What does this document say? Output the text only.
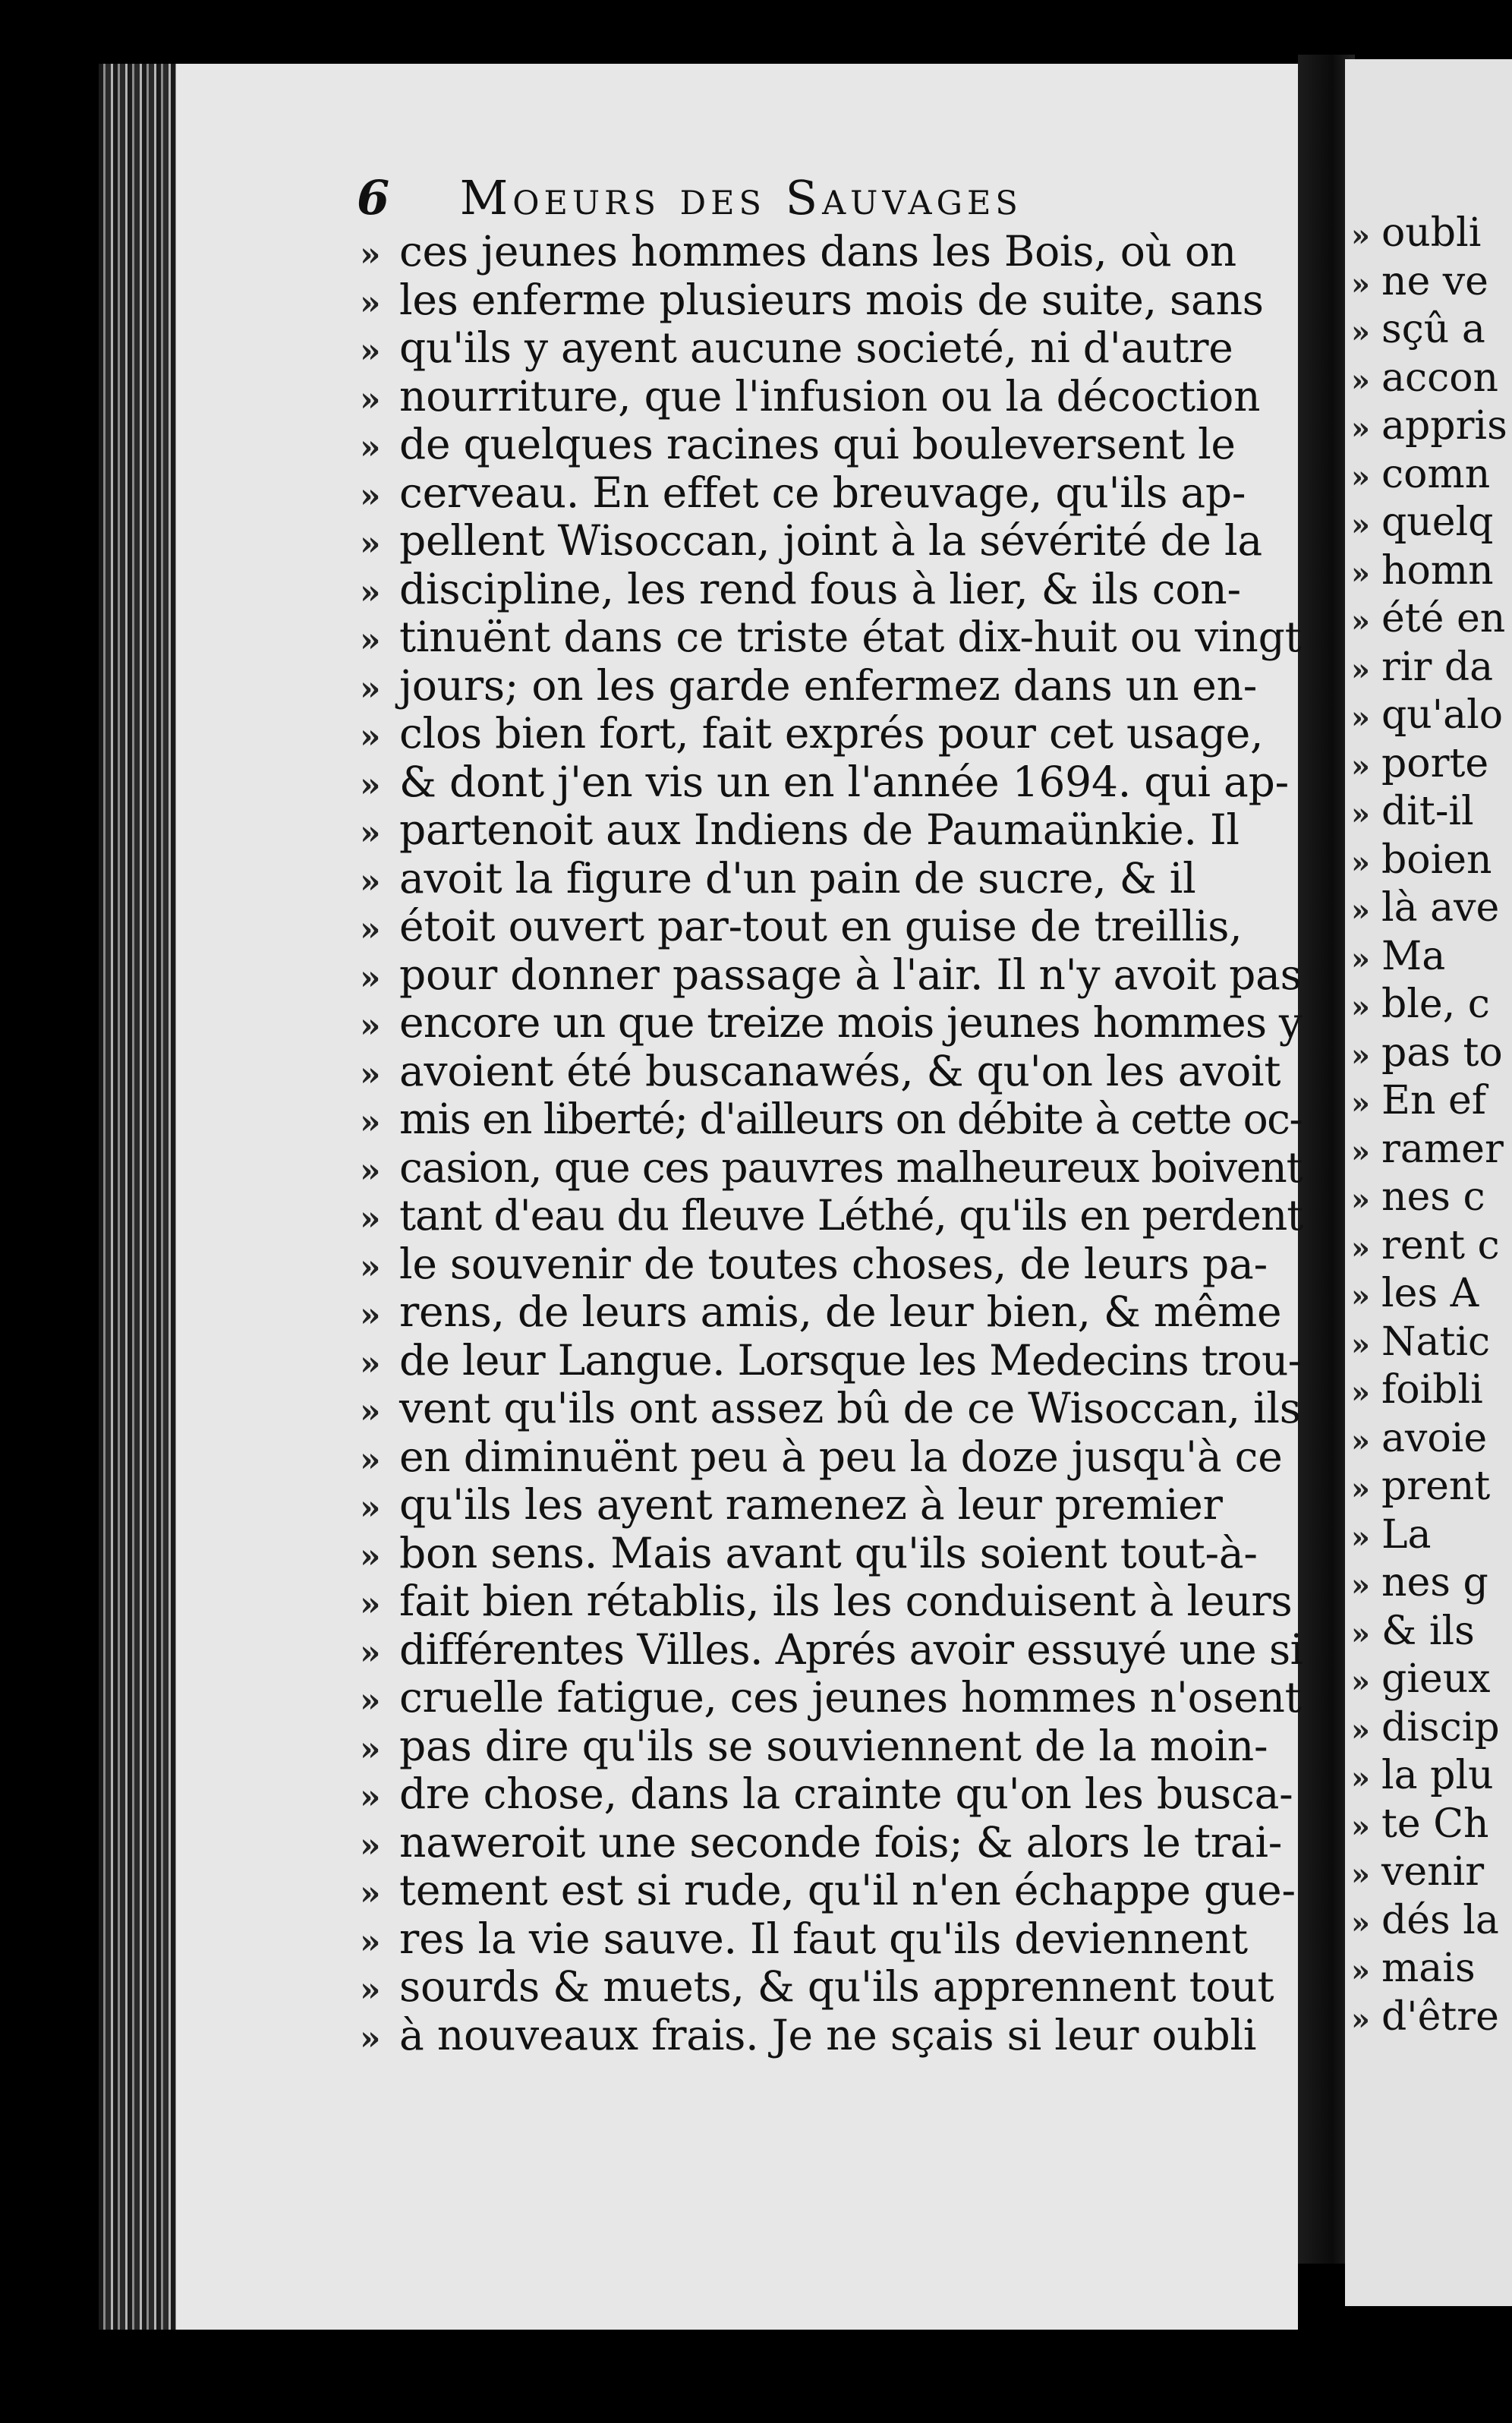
6 Moeurs des Sauvages
» ces jeunes hommes dans les Bois, où on
» les enferme plusieurs mois de suite, sans
» qu'ils y ayent aucune societé, ni d'autre
» nourriture, que l'infusion ou la décoction
» de quelques racines qui bouleversent le
» cerveau. En effet ce breuvage, qu'ils ap-
» pellent Wisoccan, joint à la sévérité de la
» discipline, les rend fous à lier, & ils con-
» tinuënt dans ce triste état dix-huit ou vingt
» jours; on les garde enfermez dans un en-
» clos bien fort, fait exprés pour cet usage,
» & dont j'en vis un en l'année 1694. qui ap-
» partenoit aux Indiens de Paumaünkie. Il
» avoit la figure d'un pain de sucre, & il
» étoit ouvert par-tout en guise de treillis,
» pour donner passage à l'air. Il n'y avoit pas
» encore un que treize mois jeunes hommes y
» avoient été buscanawés, & qu'on les avoit
» mis en liberté; d'ailleurs on débite à cette oc-
» casion, que ces pauvres malheureux boivent
» tant d'eau du fleuve Léthé, qu'ils en perdent
» le souvenir de toutes choses, de leurs pa-
» rens, de leurs amis, de leur bien, & même
» de leur Langue. Lorsque les Medecins trou-
» vent qu'ils ont assez bû de ce Wisoccan, ils
» en diminuënt peu à peu la doze jusqu'à ce
» qu'ils les ayent ramenez à leur premier
» bon sens. Mais avant qu'ils soient tout-à-
» fait bien rétablis, ils les conduisent à leurs
» différentes Villes. Aprés avoir essuyé une si
» cruelle fatigue, ces jeunes hommes n'osent
» pas dire qu'ils se souviennent de la moin-
» dre chose, dans la crainte qu'on les busca-
» naweroit une seconde fois; & alors le trai-
» tement est si rude, qu'il n'en échappe gue-
» res la vie sauve. Il faut qu'ils deviennent
» sourds & muets, & qu'ils apprennent tout
» à nouveaux frais. Je ne sçais si leur oubli
» oubli
» ne ve
» sçû a
» accon
» appris
» comn
» quelq
» homn
» été en
» rir da
» qu'alo
» porte
» dit-il
» boien
» là ave
» Ma
» ble, c
» pas to
» En ef
» ramer
» nes c
» rent c
» les A
» Natic
» foibli
» avoie
» prent
» La
» nes g
» & ils
» gieux
» discip
» la plu
» te Ch
» venir
» dés la
» mais
» d'être
